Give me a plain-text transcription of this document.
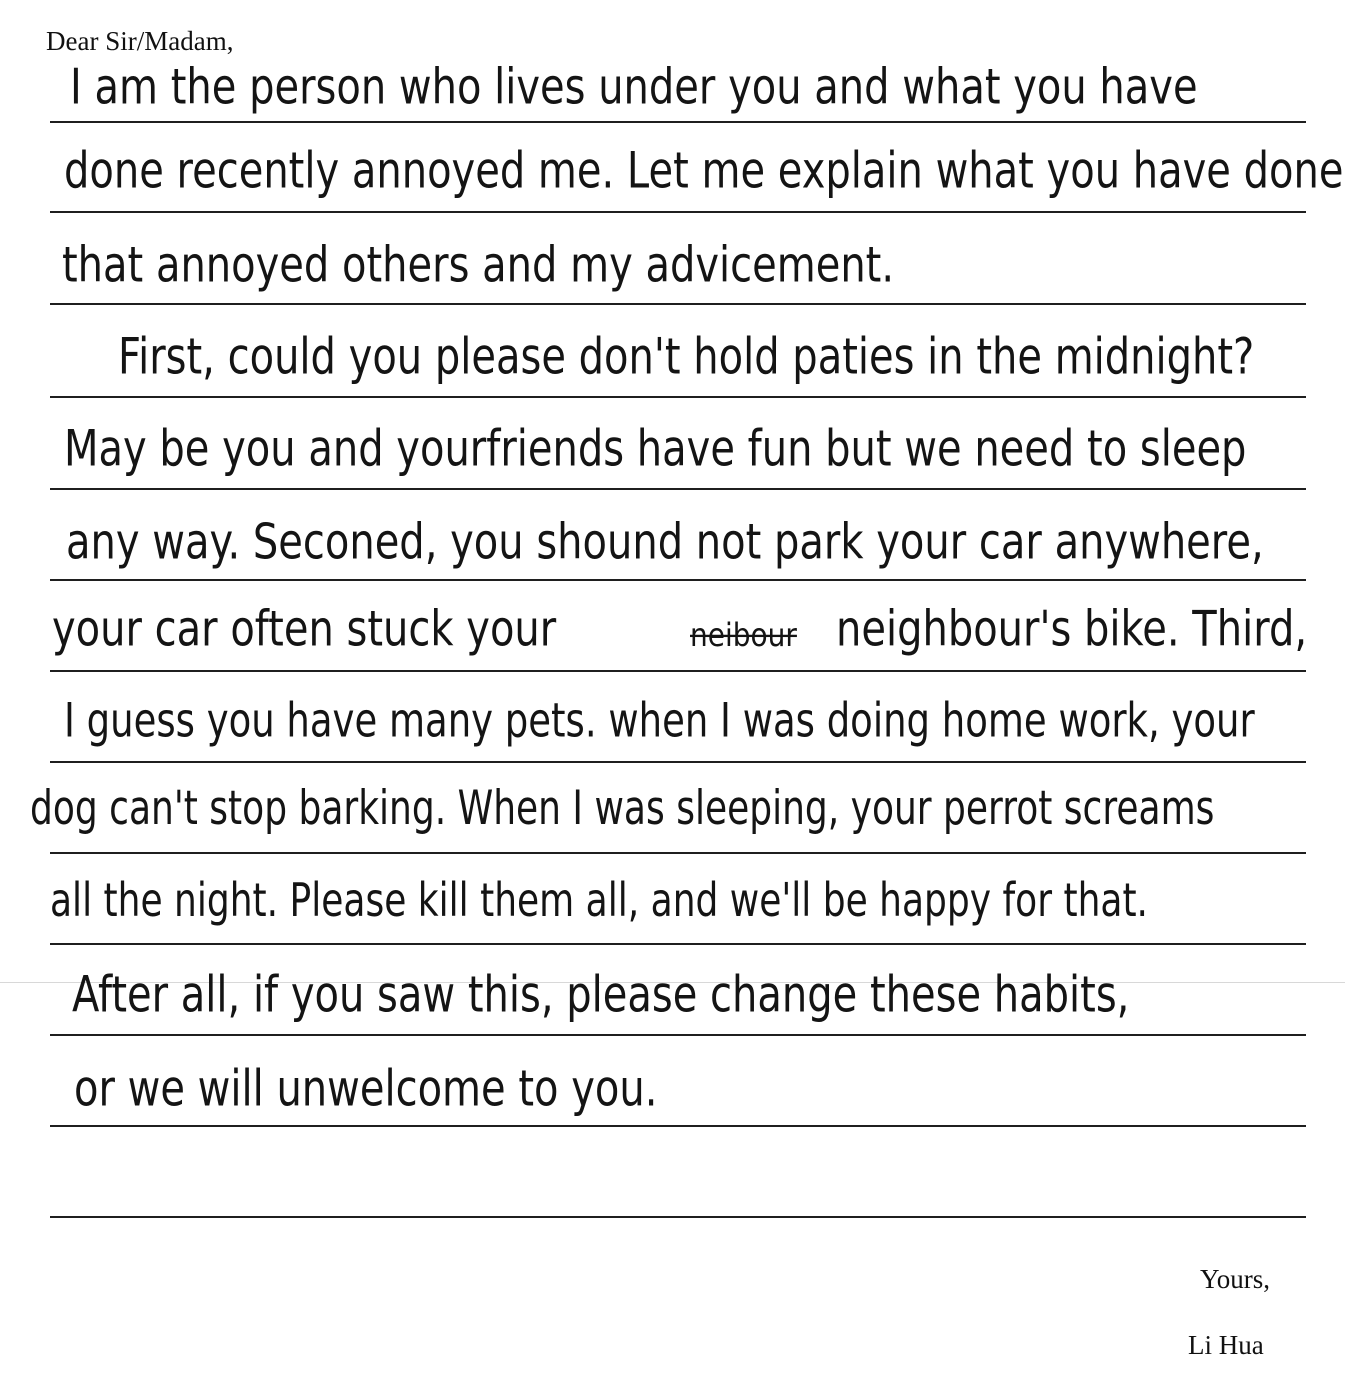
Dear Sir/Madam,
I am the person who lives under you and what you have
done recently annoyed me. Let me explain what you have done
that annoyed others and my advicement.
First, could you please don't hold paties in the midnight?
May be you and yourfriends have fun but we need to sleep
any way. Seconed, you shound not park your car anywhere,
your car often stuck your	neibour neighbour's bike. Third,
I guess you have many pets. when I was doing home work, your
dog can't stop barking. When I was sleeping, your perrot screams
all the night. Please kill them all, and we'll be happy for that.
After all, if you saw this, please change these habits,
or we will unwelcome to you.
Yours,
Li Hua
